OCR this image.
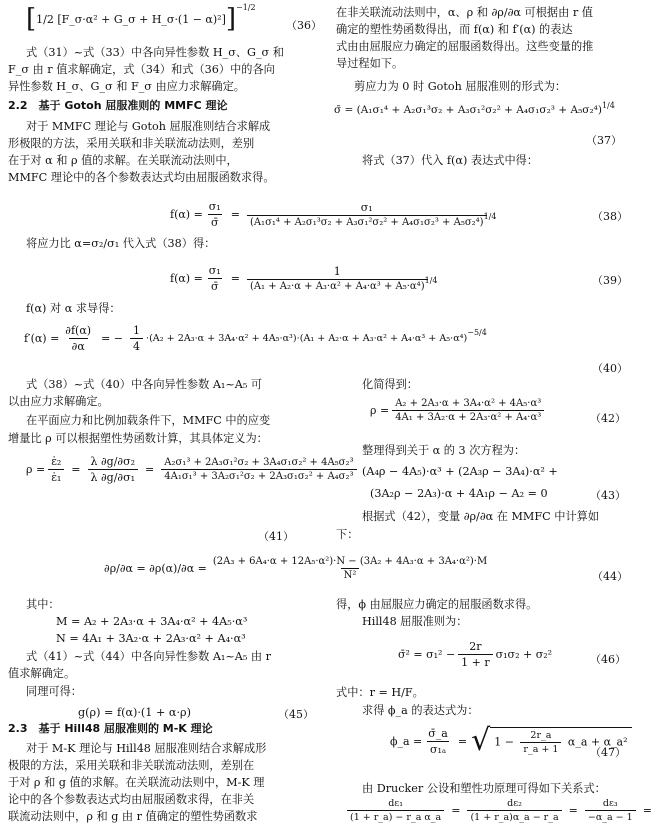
[ 1/2 [F_σ·α² + G_σ + H_σ·(1 − α)²] ] −1/2
（36）
式（31）~式（33）中各向异性参数 H_σ、G_σ 和
F_σ 由 r 值求解确定，式（34）和式（36）中的各向
异性参数 H_σ、G_σ 和 F_σ 由应力求解确定。
2.2　基于 Gotoh 屈服准则的 MMFC 理论
对于 MMFC 理论与 Gotoh 屈服准则结合求解成
形极限的方法，采用关联和非关联流动法则，差别
在于对 α 和 ρ 值的求解。在关联流动法则中，
MMFC 理论中的各个参数表达式均由屈服函数求得。
将应力比 α=σ₂/σ₁ 代入式（38）得：
f(α) 对 α 求导得：
式（38）~式（40）中各向异性参数 A₁~A₅ 可
以由应力求解确定。
在平面应力和比例加载条件下，MMFC 中的应变
增量比 ρ 可以根据塑性势函数计算，其具体定义为：
$\rho = \frac{\text{ε̇₂}}{\text{ε̇₁}} = \frac{\text{λ ∂g/∂σ₂}}{\text{λ ∂g/∂σ₁}} = \frac{\text{A₂σ₁³ + 2A₃σ₁²σ₂ + 3A₄σ₁σ₂² + 4A₅σ₂³}}{\text{4A₁σ₁³ + 3A₂σ₁²σ₂ + 2A₃σ₁σ₂² + A₄σ₂³}}$
（41）
其中：
M = A₂ + 2A₃·α + 3A₄·α² + 4A₅·α³
N = 4A₁ + 3A₂·α + 2A₃·α² + A₄·α³
式（41）~式（44）中各向异性参数 A₁~A₅ 由 r
值求解确定。
同理可得：
g(ρ) = f(α)·(1 + α·ρ)	（45）
2.3　基于 Hill48 屈服准则的 M-K 理论
对于 M-K 理论与 Hill48 屈服准则结合求解成形
极限的方法，采用关联和非关联流动法则，差别在
于对 ρ 和 g 值的求解。在关联流动法则中，M-K 理
论中的各个参数表达式均由屈服函数求得，在非关
联流动法则中，ρ 和 g 由 r 值确定的塑性势函数求
在非关联流动法则中，α、ρ 和 ∂ρ/∂α 可根据由 r 值
确定的塑性势函数得出，而 f(α) 和 f′(α) 的表达
式由由屈服应力确定的屈服函数得出。这些变量的推
导过程如下。
剪应力为 0 时 Gotoh 屈服准则的形式为：
σ̄ = (A₁σ₁⁴ + A₂σ₁³σ₂ + A₃σ₁²σ₂² + A₄σ₁σ₂³ + A₅σ₂⁴) 1/4
（37）
将式（37）代入 f(α) 表达式中得：
$f(\alpha) = \frac{\text{σ₁}}{\sigmā} = \frac{\text{σ₁}}{\text{(A₁σ₁⁴ + A₂σ₁³σ₂ + A₃σ₁²σ₂² + A₄σ₁σ₂³ + A₅σ₂⁴)}}$
1/4	（38）
$f(\alpha) = \frac{\text{σ₁}}{\sigmā} = \frac{1}{\text{(A₁ + A₂·α + A₃·α² + A₄·α³ + A₅·α⁴)}}$
1/4	（39）
$f'(\alpha) = \frac{\partial f(\alpha)}{\partial\alpha}$ = − $\frac{1}{4} \cdot(A_2 + 2A_3\cdot\alpha + 3A_4\cdot\alpha^2 + 4A_5\cdot\alpha^3)\cdot(A_1 + A_2\cdot\alpha + A_3\cdot\alpha^2 + A_4\cdot\alpha^3 + A_5\cdot\alpha^4)$
−5/4
（40）
化简得到：
$\rho = \frac{\text{A₂ + 2A₃·α + 3A₄·α² + 4A₅·α³}}{\text{4A₁ + 3A₂·α + 2A₃·α² + A₄·α³}}$	（42）
整理得到关于 α 的 3 次方程为：
(A₄ρ − 4A₅)·α³ + (2A₃ρ − 3A₄)·α² +
(3A₂ρ − 2A₃)·α + 4A₁ρ − A₂ = 0	（43）
根据式（42），变量 ∂ρ/∂α 在 MMFC 中计算如
下：
$\partial\rho/\partial\alpha = \partial\rho(\alpha)/\partial\alpha = \frac{\text{(2A₃ + 6A₄·α + 12A₅·α²)·N − (3A₂ + 4A₃·α + 3A₄·α²)·M}}{\text{N²}}$	（44）
得，ϕ 由屈服应力确定的屈服函数求得。
Hill48 屈服准则为：
σ̄² = $\sigma_1^2 - \frac{2r}{1 + r} \sigma_1\sigma_2 + \sigma_2^2$	（46）
式中：r = H/F。
求得 ϕ_a 的表达式为：
ϕ_a = $\frac{\sigmā\_a}{\text{σ₁ₐ}}$ = √ $1 - \frac{2r\_a}{r\_a + 1}$ α_a + α_a²
（47）
由 Drucker 公设和塑性功原理可得如下关系式：
$\frac{\text{dε₁}}{\text{(1 + r\_a) − r\_a α\_a}} = \frac{\text{dε₂}}{(1 + r\_a)\alpha\_a - r\_a} = \frac{\text{dε₃}}{-\alpha\_a - 1}$ =
